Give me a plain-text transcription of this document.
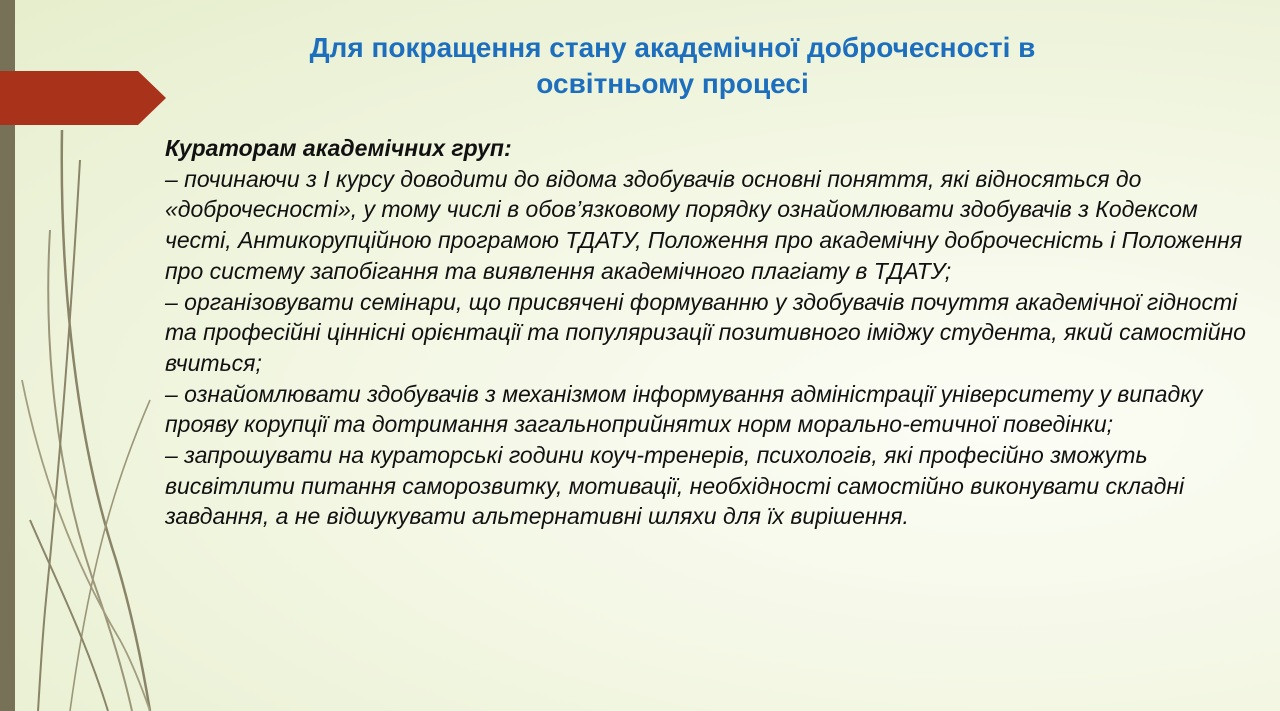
Для покращення стану академічної доброчесності в
освітньому процесі

Кураторам академічних груп:

– починаючи з І курсу доводити до відома здобувачів основні поняття, які відносяться до «доброчесності», у тому числі в обов’язковому порядку ознайомлювати здобувачів з Кодексом честі, Антикорупційною програмою ТДАТУ, Положення про академічну доброчесність і Положення про систему запобігання та виявлення академічного плагіату в ТДАТУ;

– організовувати семінари, що присвячені формуванню у здобувачів почуття академічної гідності та професійні ціннісні орієнтації та популяризації позитивного іміджу студента, який самостійно вчиться;

– ознайомлювати здобувачів з механізмом інформування адміністрації університету у випадку прояву корупції та дотримання загальноприйнятих норм морально-етичної поведінки;

– запрошувати на кураторські години коуч-тренерів, психологів, які професійно зможуть висвітлити питання саморозвитку, мотивації, необхідності самостійно виконувати складні завдання, а не відшукувати альтернативні шляхи для їх вирішення.
